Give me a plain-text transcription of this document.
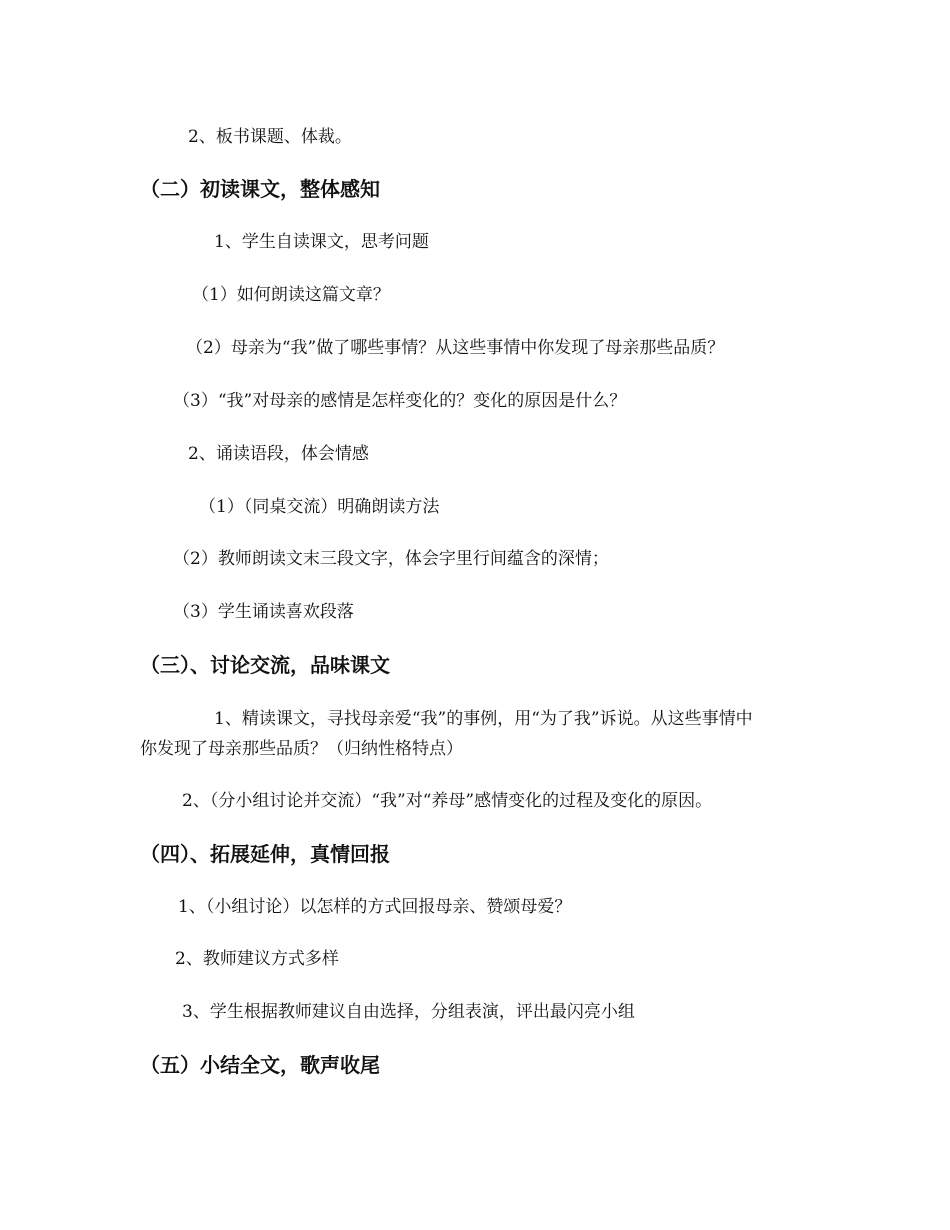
2、板书课题、体裁。
（二）初读课文，整体感知
1、学生自读课文，思考问题
（1）如何朗读这篇文章？
（2）母亲为“我”做了哪些事情？从这些事情中你发现了母亲那些品质？
（3）“我”对母亲的感情是怎样变化的？变化的原因是什么？
2、诵读语段，体会情感
（1）（同桌交流）明确朗读方法
（2）教师朗读文末三段文字，体会字里行间蕴含的深情；
（3）学生诵读喜欢段落
（三）、讨论交流，品味课文
1、精读课文，寻找母亲爱“我”的事例，用“为了我”诉说。从这些事情中
你发现了母亲那些品质？（归纳性格特点）
2、（分小组讨论并交流）“我”对“养母”感情变化的过程及变化的原因。
（四）、拓展延伸，真情回报
1、（小组讨论）以怎样的方式回报母亲、赞颂母爱？
2、教师建议方式多样
3、学生根据教师建议自由选择，分组表演，评出最闪亮小组
（五）小结全文，歌声收尾
